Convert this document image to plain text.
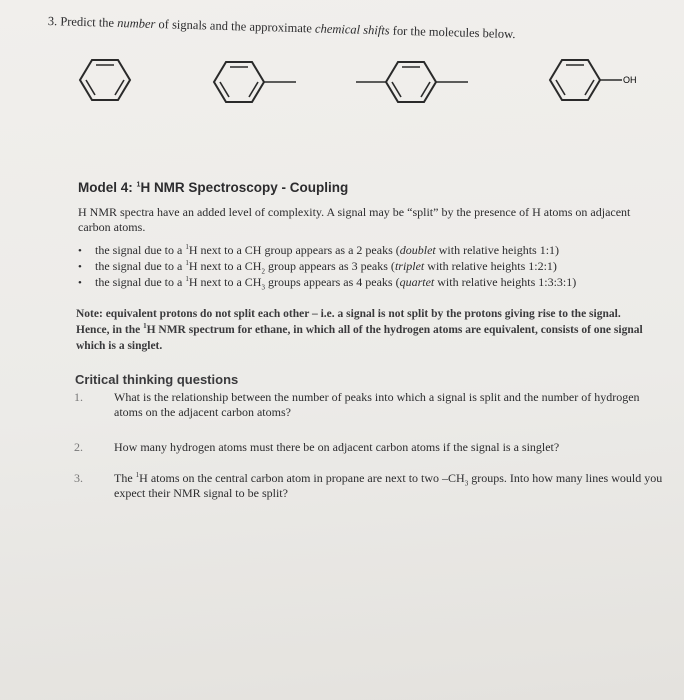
3. Predict the number of signals and the approximate chemical shifts for the molecules below.
OH
Model 4: $^1$H NMR Spectroscopy - Coupling
H NMR spectra have an added level of complexity. A signal may be “split” by the presence of H atoms on adjacent carbon atoms.
• the signal due to a $^1$H next to a CH group appears as a 2 peaks (doublet with relative heights 1:1)
• the signal due to a $^1$H next to a $CH_2$ group appears as 3 peaks (triplet with relative heights 1:2:1)
• the signal due to a $^1$H next to a $CH_3$ groups appears as 4 peaks (quartet with relative heights 1:3:3:1)
Note: equivalent protons do not split each other – i.e. a signal is not split by the protons giving rise to the signal. Hence, in the $^1$H NMR spectrum for ethane, in which all of the hydrogen atoms are equivalent, consists of one signal which is a singlet.
Critical thinking questions
1.	What is the relationship between the number of peaks into which a signal is split and the number of hydrogen atoms on the adjacent carbon atoms?
2.	How many hydrogen atoms must there be on adjacent carbon atoms if the signal is a singlet?
3.	The $^1$H atoms on the central carbon atom in propane are next to two $-CH_3$ groups. Into how many lines would you expect their NMR signal to be split?
